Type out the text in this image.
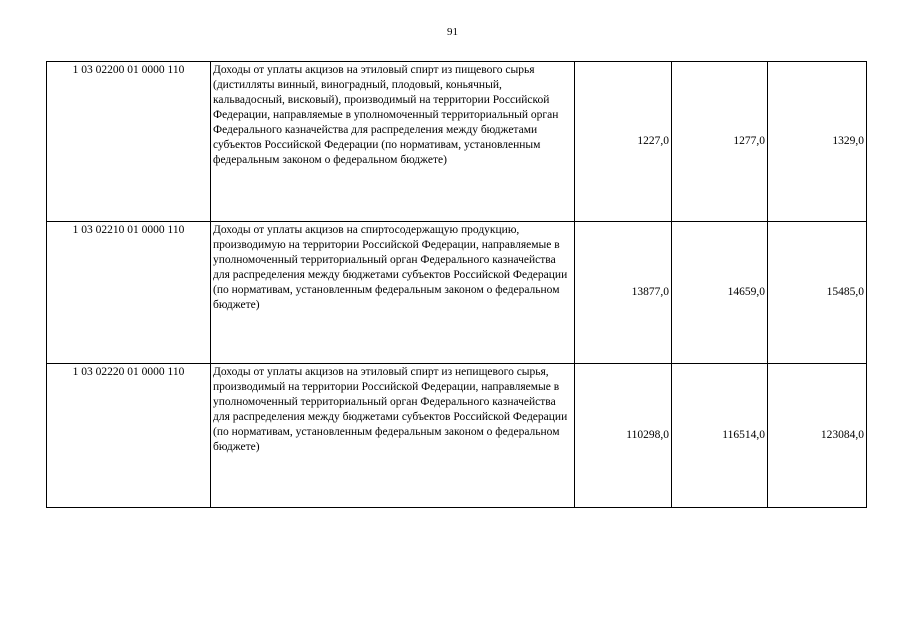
91
1 03 02200 01 0000 110	Доходы от уплаты акцизов на этиловый спирт из пищевого сырья (дистилляты винный, виноградный, плодовый, коньячный, кальвадосный, висковый), производимый на территории Российской Федерации, направляемые в уполномоченный территориальный орган Федерального казначейства для распределения между бюджетами субъектов Российской Федерации (по нормативам, установленным федеральным законом о федеральном бюджете)	1227,0	1277,0	1329,0
1 03 02210 01 0000 110	Доходы от уплаты акцизов на спиртосодержащую продукцию, производимую на территории Российской Федерации, направляемые в уполномоченный территориальный орган Федерального казначейства для распределения между бюджетами субъектов Российской Федерации (по нормативам, установленным федеральным законом о федеральном бюджете)	13877,0	14659,0	15485,0
1 03 02220 01 0000 110	Доходы от уплаты акцизов на этиловый спирт из непищевого сырья, производимый на территории Российской Федерации, направляемые в уполномоченный территориальный орган Федерального казначейства для распределения между бюджетами субъектов Российской Федерации (по нормативам, установленным федеральным законом о федеральном бюджете)	110298,0	116514,0	123084,0
